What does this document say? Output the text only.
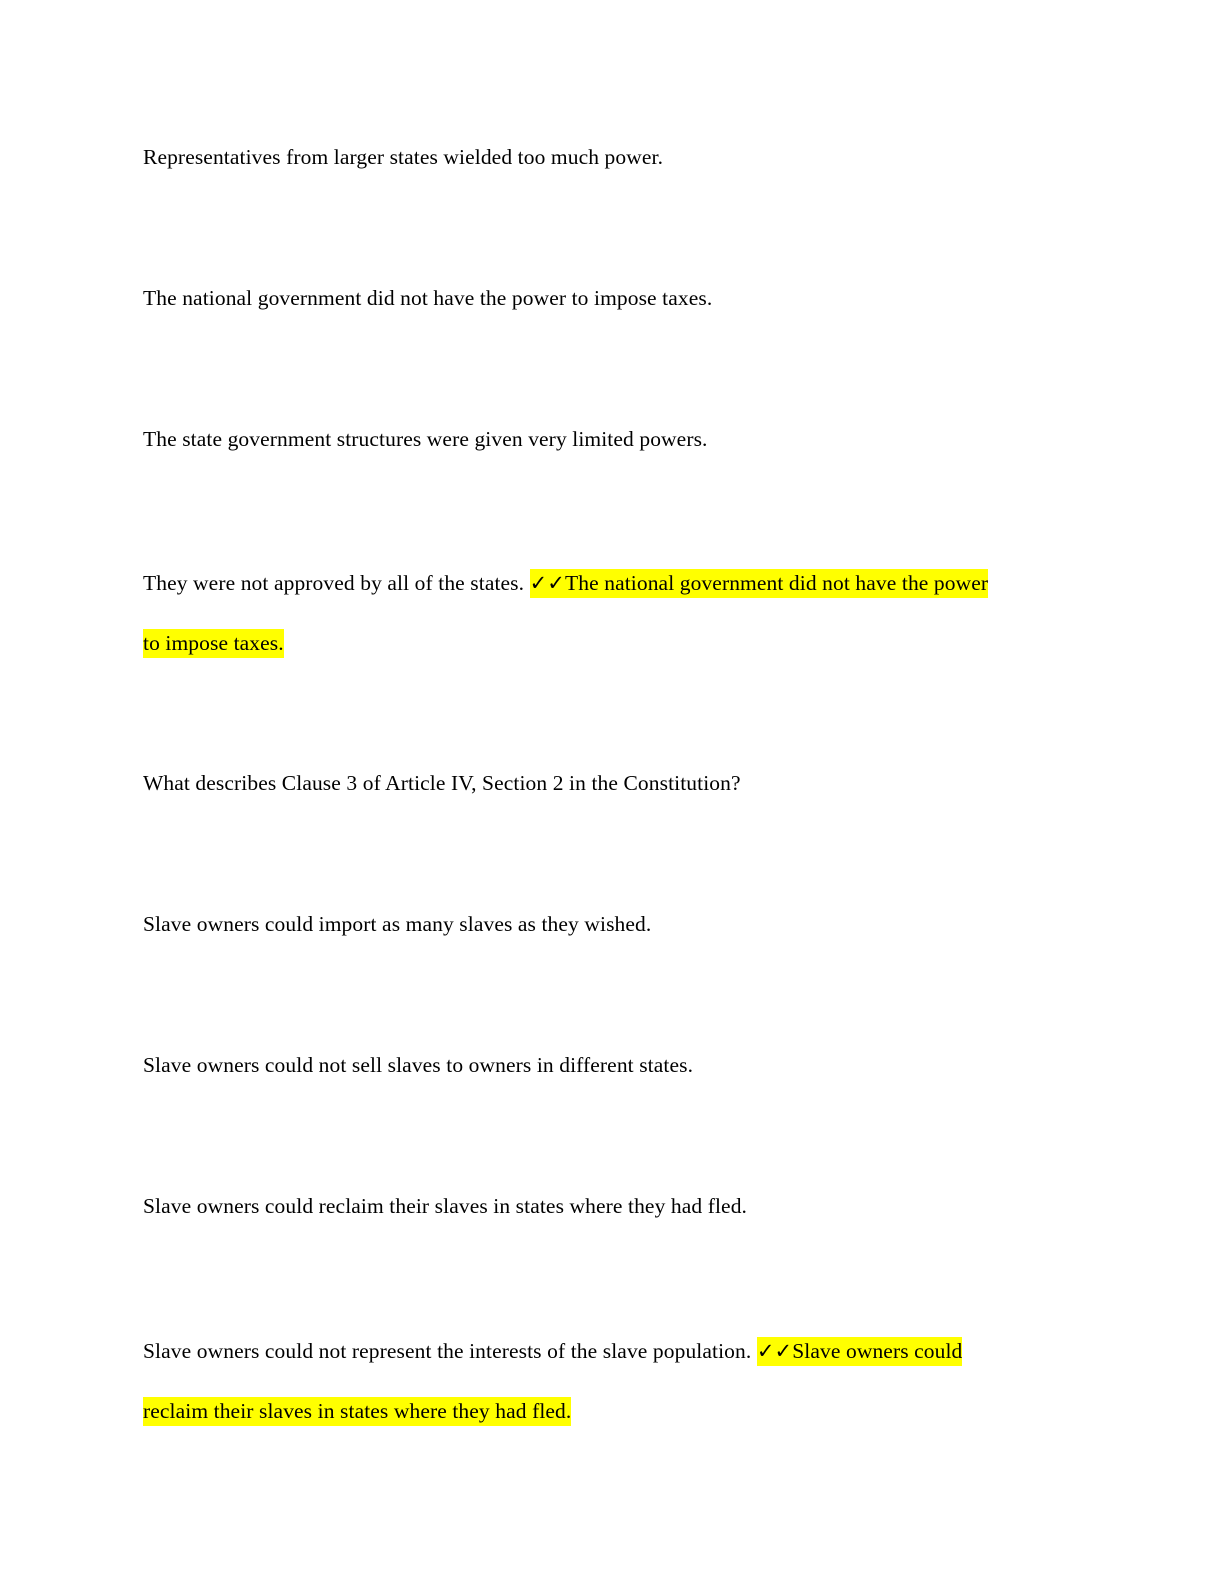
Representatives from larger states wielded too much power.
The national government did not have the power to impose taxes.
The state government structures were given very limited powers.
They were not approved by all of the states. ✓✓The national government did not have the power
to impose taxes.
What describes Clause 3 of Article IV, Section 2 in the Constitution?
Slave owners could import as many slaves as they wished.
Slave owners could not sell slaves to owners in different states.
Slave owners could reclaim their slaves in states where they had fled.
Slave owners could not represent the interests of the slave population. ✓✓Slave owners could
reclaim their slaves in states where they had fled.
